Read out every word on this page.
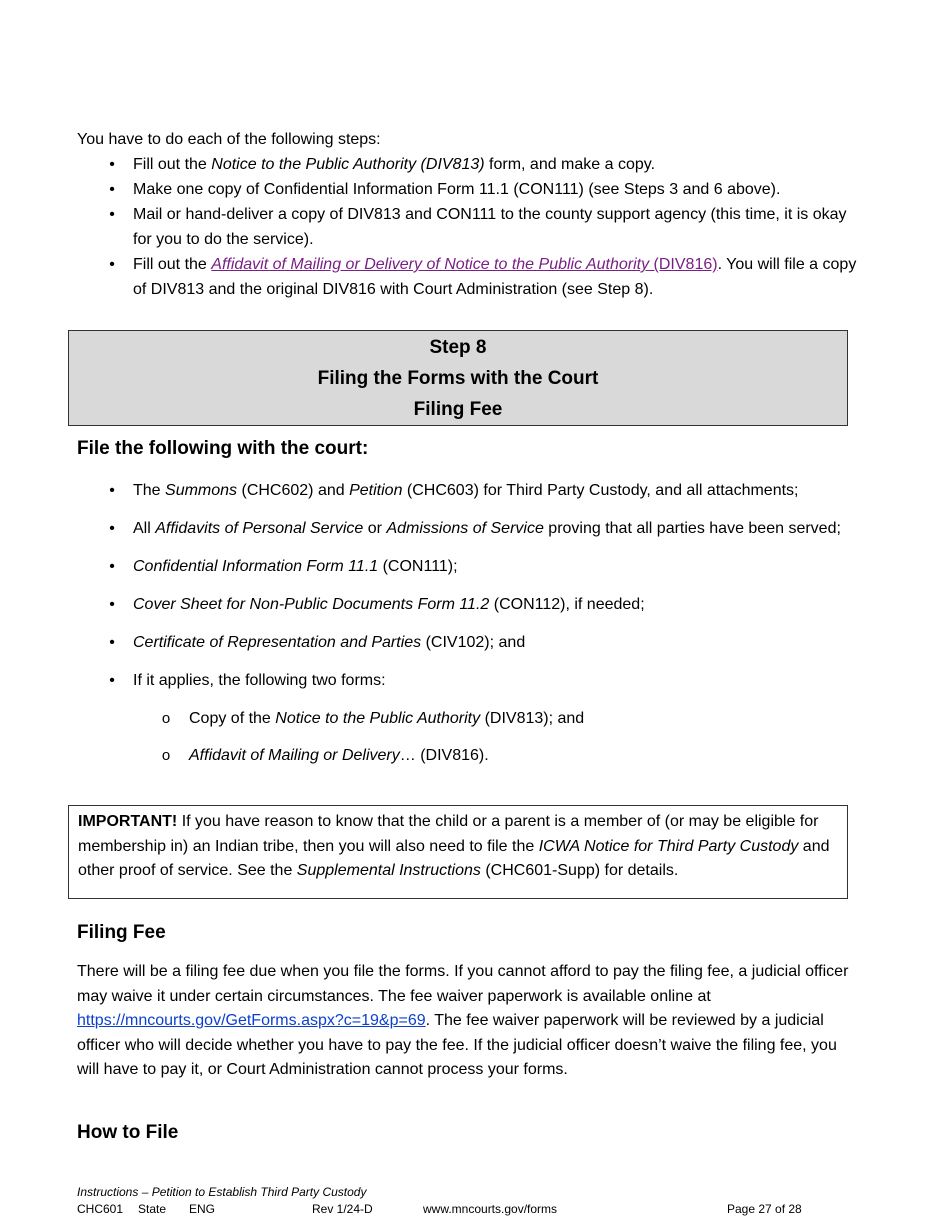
You have to do each of the following steps:

•	Fill out the Notice to the Public Authority (DIV813) form, and make a copy.
•	Make one copy of Confidential Information Form 11.1 (CON111) (see Steps 3 and 6 above).
•	Mail or hand-deliver a copy of DIV813 and CON111 to the county support agency (this time, it is okay for you to do the service).
•	Fill out the Affidavit of Mailing or Delivery of Notice to the Public Authority (DIV816). You will file a copy of DIV813 and the original DIV816 with Court Administration (see Step 8).
Step 8
Filing the Forms with the Court
Filing Fee
File the following with the court:
•	The Summons (CHC602) and Petition (CHC603) for Third Party Custody, and all attachments;
•	All Affidavits of Personal Service or Admissions of Service proving that all parties have been served;
•	Confidential Information Form 11.1 (CON111);
•	Cover Sheet for Non-Public Documents Form 11.2 (CON112), if needed;
•	Certificate of Representation and Parties (CIV102); and
•	If it applies, the following two forms:
o Copy of the Notice to the Public Authority (DIV813); and
o Affidavit of Mailing or Delivery… (DIV816).
IMPORTANT! If you have reason to know that the child or a parent is a member of (or may be eligible for membership in) an Indian tribe, then you will also need to file the ICWA Notice for Third Party Custody and other proof of service. See the Supplemental Instructions (CHC601-Supp) for details.
Filing Fee

There will be a filing fee due when you file the forms. If you cannot afford to pay the filing fee, a judicial officer may waive it under certain circumstances. The fee waiver paperwork is available online at https://mncourts.gov/GetForms.aspx?c=19&p=69. The fee waiver paperwork will be reviewed by a judicial officer who will decide whether you have to pay the fee. If the judicial officer doesn’t waive the filing fee, you will have to pay it, or Court Administration cannot process your forms.

How to File
Instructions – Petition to Establish Third Party Custody
CHC601 State ENG	Rev 1/24-D	www.mncourts.gov/forms	Page 27 of 28
